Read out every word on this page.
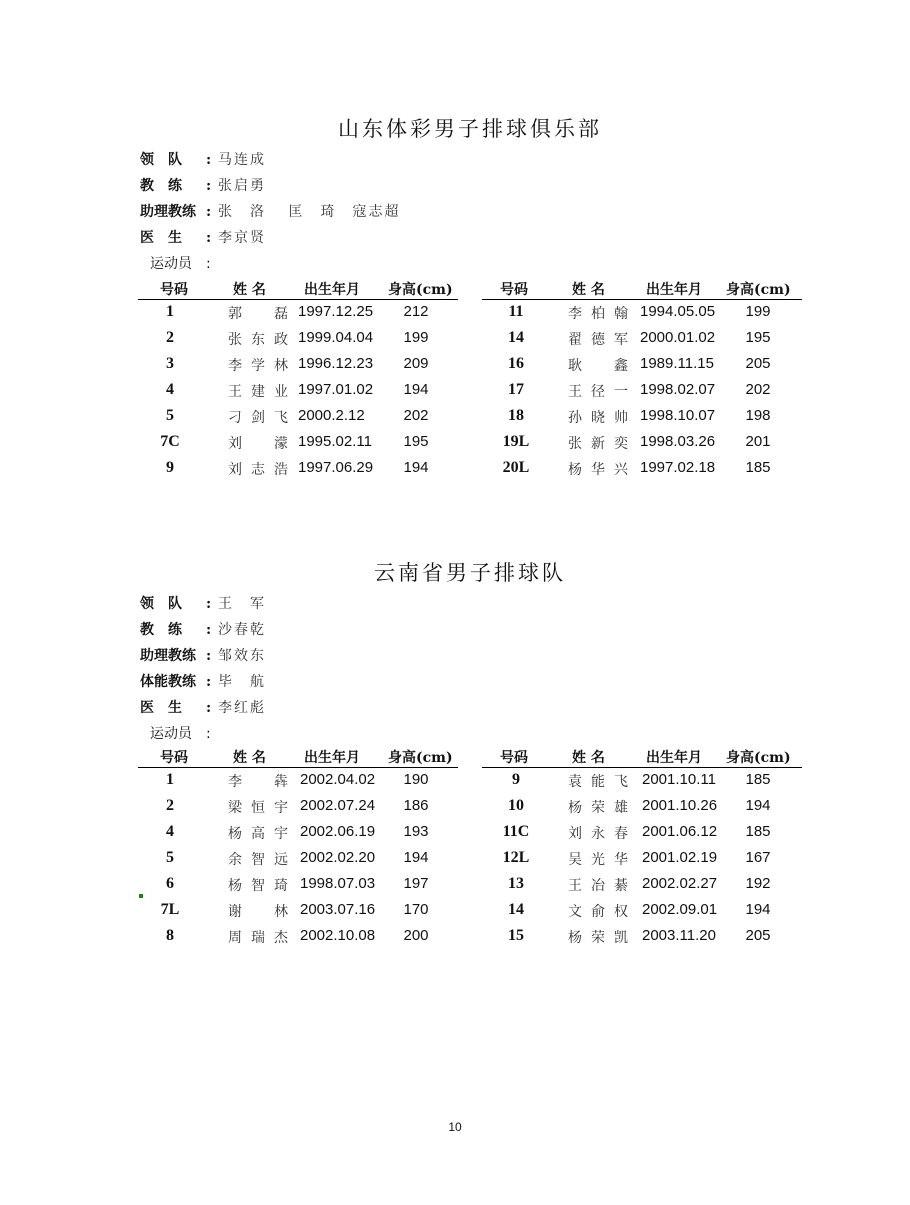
山东体彩男子排球俱乐部
领　队 : 马连成
教　练 : 张启勇
助理教练 : 张　洛　 匡　琦　寇志超
医　生 : 李京贤
运动员　:
号码	姓 名	出生年月 身高(cm)
1	郭磊 1997.12.25	212
2	张东政 1999.04.04	199
3	李学林 1996.12.23	209
4	王建业 1997.01.02	194
5	刁剑飞 2000.2.12	202
7C	刘濛 1995.02.11	195
9	刘志浩 1997.06.29	194
号码	姓 名	出生年月 身高(cm)
11	李柏翰 1994.05.05	199
14	翟德军 2000.01.02	195
16	耿鑫 1989.11.15	205
17	王径一 1998.02.07	202
18	孙晓帅 1998.10.07	198
19L	张新奕 1998.03.26	201
20L	杨华兴 1997.02.18	185
云南省男子排球队
领　队 : 王　军
教　练 : 沙春乾
助理教练 : 邹效东
体能教练 : 毕　航
医　生 : 李红彪
运动员　:
号码	姓 名	出生年月 身高(cm)
1	李犇 2002.04.02	190
2	梁恒宇 2002.07.24	186
4	杨高宇 2002.06.19	193
5	余智远 2002.02.20	194
6	杨智琦 1998.07.03	197
7L	谢林 2003.07.16	170
8	周瑞杰 2002.10.08	200
号码	姓 名	出生年月 身高(cm)
9	袁能飞 2001.10.11	185
10	杨荣雄 2001.10.26	194
11C	刘永春 2001.06.12	185
12L	吴光华 2001.02.19	167
13	王冶綦 2002.02.27	192
14	文俞权 2002.09.01	194
15	杨荣凯 2003.11.20	205
10
